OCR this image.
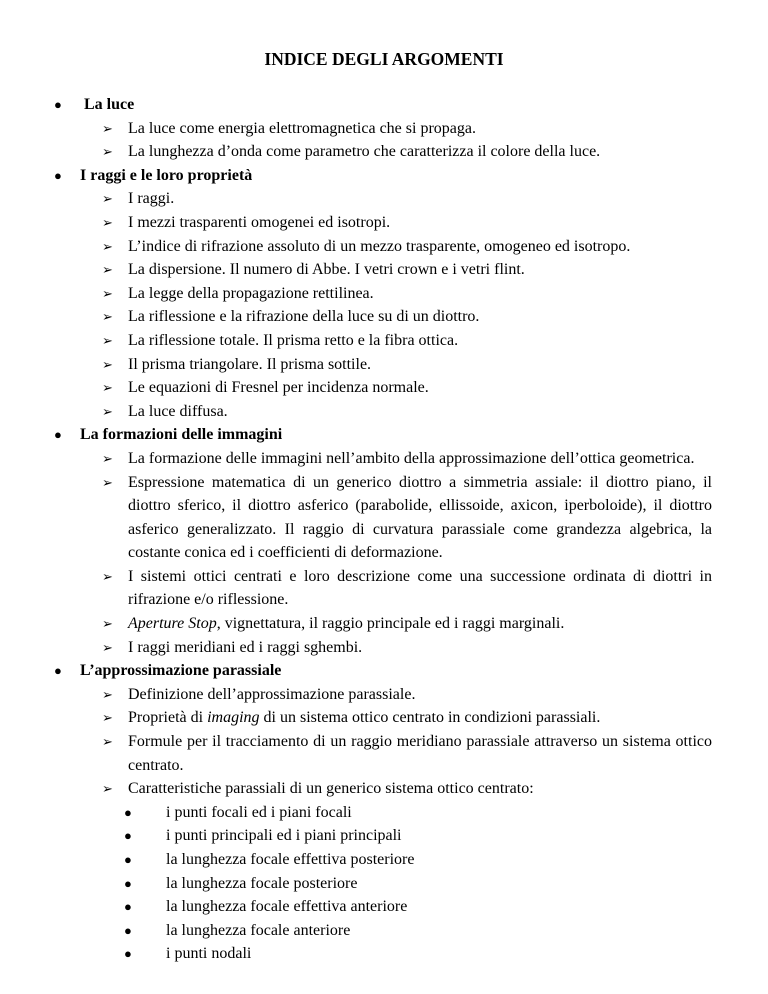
INDICE DEGLI ARGOMENTI
● La luce
➢ La luce come energia elettromagnetica che si propaga.
➢ La lunghezza d’onda come parametro che caratterizza il colore della luce.
● I raggi e le loro proprietà
➢ I raggi.
➢ I mezzi trasparenti omogenei ed isotropi.
➢ L’indice di rifrazione assoluto di un mezzo trasparente, omogeneo ed isotropo.
➢ La dispersione. Il numero di Abbe. I vetri crown e i vetri flint.
➢ La legge della propagazione rettilinea.
➢ La riflessione e la rifrazione della luce su di un diottro.
➢ La riflessione totale. Il prisma retto e la fibra ottica.
➢ Il prisma triangolare. Il prisma sottile.
➢ Le equazioni di Fresnel per incidenza normale.
➢ La luce diffusa.
● La formazioni delle immagini
➢ La formazione delle immagini nell’ambito della approssimazione dell’ottica geometrica.
➢ Espressione matematica di un generico diottro a simmetria assiale: il diottro piano, il diottro sferico, il diottro asferico (parabolide, ellissoide, axicon, iperboloide), il diottro asferico generalizzato. Il raggio di curvatura parassiale come grandezza algebrica, la costante conica ed i coefficienti di deformazione.
➢ I sistemi ottici centrati e loro descrizione come una successione ordinata di diottri in rifrazione e/o riflessione.
➢ Aperture Stop, vignettatura, il raggio principale ed i raggi marginali.
➢ I raggi meridiani ed i raggi sghembi.
● L’approssimazione parassiale
➢ Definizione dell’approssimazione parassiale.
➢ Proprietà di imaging di un sistema ottico centrato in condizioni parassiali.
➢ Formule per il tracciamento di un raggio meridiano parassiale attraverso un sistema ottico centrato.
➢ Caratteristiche parassiali di un generico sistema ottico centrato:
● i punti focali ed i piani focali
● i punti principali ed i piani principali
● la lunghezza focale effettiva posteriore
● la lunghezza focale posteriore
● la lunghezza focale effettiva anteriore
● la lunghezza focale anteriore
● i punti nodali
